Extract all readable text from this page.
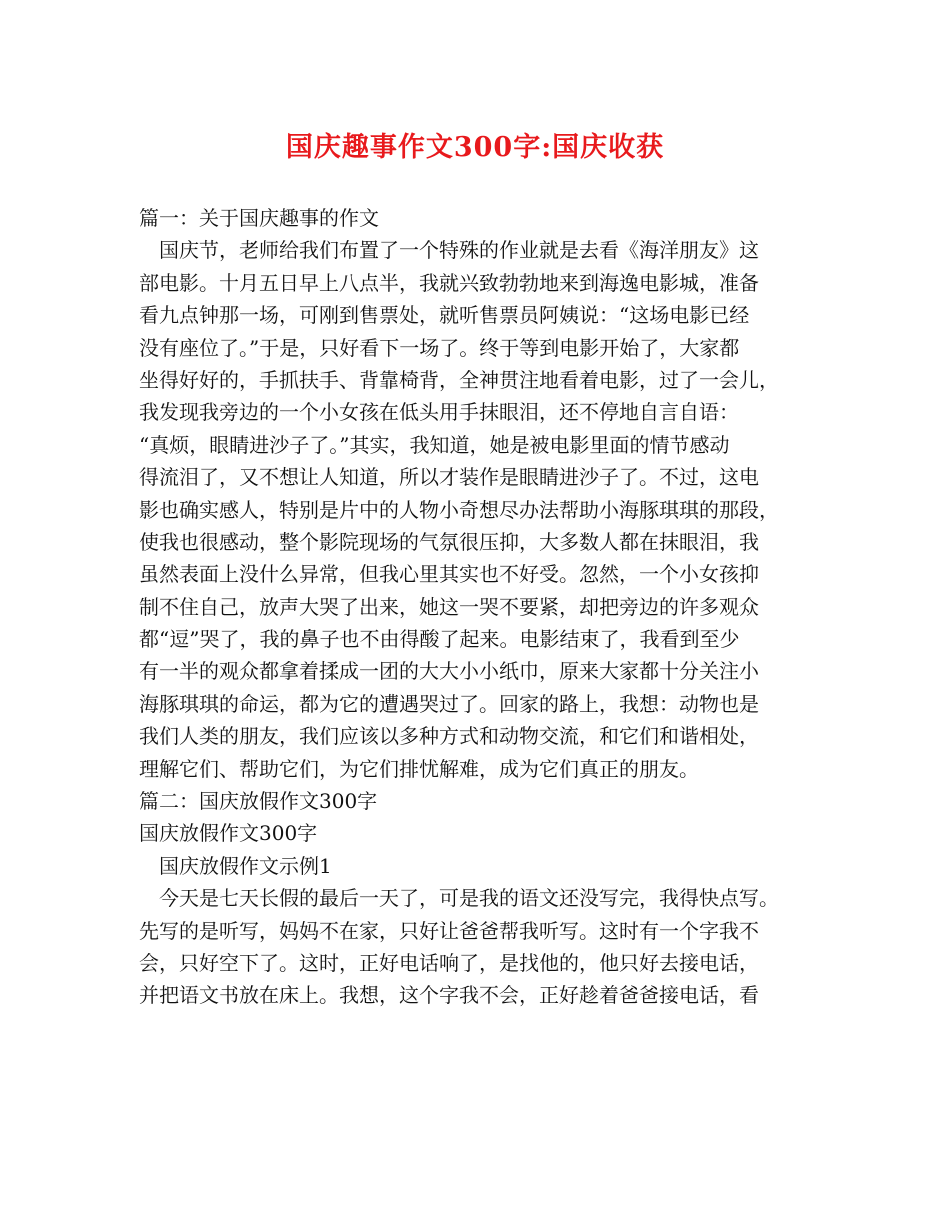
国庆趣事作文300字:国庆收获
篇一：关于国庆趣事的作文
　国庆节，老师给我们布置了一个特殊的作业就是去看《海洋朋友》这
部电影。十月五日早上八点半，我就兴致勃勃地来到海逸电影城，准备
看九点钟那一场，可刚到售票处，就听售票员阿姨说：“这场电影已经
没有座位了。”于是，只好看下一场了。终于等到电影开始了，大家都
坐得好好的，手抓扶手、背靠椅背，全神贯注地看着电影，过了一会儿，
我发现我旁边的一个小女孩在低头用手抹眼泪，还不停地自言自语：
“真烦，眼睛进沙子了。”其实，我知道，她是被电影里面的情节感动
得流泪了，又不想让人知道，所以才装作是眼睛进沙子了。不过，这电
影也确实感人，特别是片中的人物小奇想尽办法帮助小海豚琪琪的那段，
使我也很感动，整个影院现场的气氛很压抑，大多数人都在抹眼泪，我
虽然表面上没什么异常，但我心里其实也不好受。忽然，一个小女孩抑
制不住自己，放声大哭了出来，她这一哭不要紧，却把旁边的许多观众
都“逗”哭了，我的鼻子也不由得酸了起来。电影结束了，我看到至少
有一半的观众都拿着揉成一团的大大小小纸巾，原来大家都十分关注小
海豚琪琪的命运，都为它的遭遇哭过了。回家的路上，我想：动物也是
我们人类的朋友，我们应该以多种方式和动物交流，和它们和谐相处，
理解它们、帮助它们，为它们排忧解难，成为它们真正的朋友。
篇二：国庆放假作文300字
国庆放假作文300字
　国庆放假作文示例1
　今天是七天长假的最后一天了，可是我的语文还没写完，我得快点写。
先写的是听写，妈妈不在家，只好让爸爸帮我听写。这时有一个字我不
会，只好空下了。这时，正好电话响了，是找他的，他只好去接电话，
并把语文书放在床上。我想，这个字我不会，正好趁着爸爸接电话，看
